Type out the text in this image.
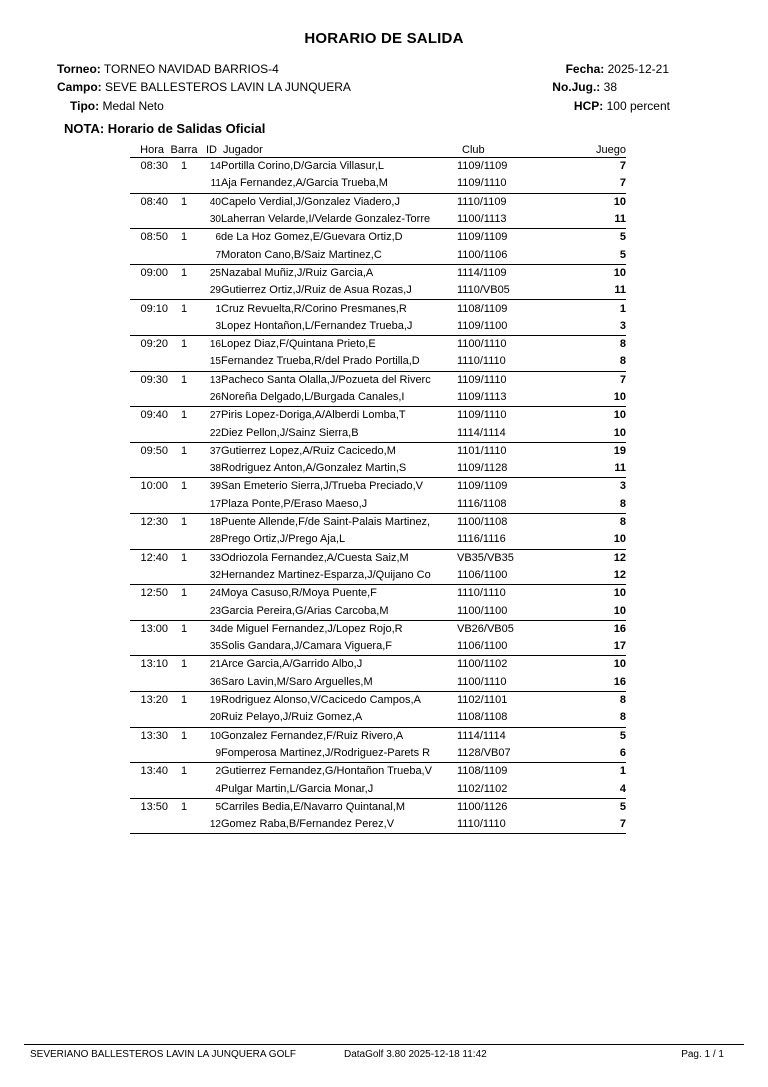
HORARIO DE SALIDA
Torneo: TORNEO NAVIDAD BARRIOS-4
Campo: SEVE BALLESTEROS LAVIN LA JUNQUERA
Tipo: Medal Neto
Fecha: 2025-12-21
No.Jug.: 38
HCP: 100 percent
NOTA: Horario de Salidas Oficial
Hora	Barra	ID	Jugador	Club	Juego
08:30	1	14	Portilla Corino,D/Garcia Villasur,L	1109/1109	7
		11	Aja Fernandez,A/Garcia Trueba,M	1109/1110	7
08:40	1	40	Capelo Verdial,J/Gonzalez Viadero,J	1110/1109	10
		30	Laherran Velarde,I/Velarde Gonzalez-Torre	1100/1113	11
08:50	1	6	de La Hoz Gomez,E/Guevara Ortiz,D	1109/1109	5
		7	Moraton Cano,B/Saiz Martinez,C	1100/1106	5
09:00	1	25	Nazabal Muñiz,J/Ruiz Garcia,A	1114/1109	10
		29	Gutierrez Ortiz,J/Ruiz de Asua Rozas,J	1110/VB05	11
09:10	1	1	Cruz Revuelta,R/Corino Presmanes,R	1108/1109	1
		3	Lopez Hontañon,L/Fernandez Trueba,J	1109/1100	3
09:20	1	16	Lopez Diaz,F/Quintana Prieto,E	1100/1110	8
		15	Fernandez Trueba,R/del Prado Portilla,D	1110/1110	8
09:30	1	13	Pacheco Santa Olalla,J/Pozueta del Riverc	1109/1110	7
		26	Noreña Delgado,L/Burgada Canales,I	1109/1113	10
09:40	1	27	Piris Lopez-Doriga,A/Alberdi Lomba,T	1109/1110	10
		22	Diez Pellon,J/Sainz Sierra,B	1114/1114	10
09:50	1	37	Gutierrez Lopez,A/Ruiz Cacicedo,M	1101/1110	19
		38	Rodriguez Anton,A/Gonzalez Martin,S	1109/1128	11
10:00	1	39	San Emeterio Sierra,J/Trueba Preciado,V	1109/1109	3
		17	Plaza Ponte,P/Eraso Maeso,J	1116/1108	8
12:30	1	18	Puente Allende,F/de Saint-Palais Martinez,	1100/1108	8
		28	Prego Ortiz,J/Prego Aja,L	1116/1116	10
12:40	1	33	Odriozola Fernandez,A/Cuesta Saiz,M	VB35/VB35	12
		32	Hernandez Martinez-Esparza,J/Quijano Co	1106/1100	12
12:50	1	24	Moya Casuso,R/Moya Puente,F	1110/1110	10
		23	Garcia Pereira,G/Arias Carcoba,M	1100/1100	10
13:00	1	34	de Miguel Fernandez,J/Lopez Rojo,R	VB26/VB05	16
		35	Solis Gandara,J/Camara Viguera,F	1106/1100	17
13:10	1	21	Arce Garcia,A/Garrido Albo,J	1100/1102	10
		36	Saro Lavin,M/Saro Arguelles,M	1100/1110	16
13:20	1	19	Rodriguez Alonso,V/Cacicedo Campos,A	1102/1101	8
		20	Ruiz Pelayo,J/Ruiz Gomez,A	1108/1108	8
13:30	1	10	Gonzalez Fernandez,F/Ruiz Rivero,A	1114/1114	5
		9	Fomperosa Martinez,J/Rodriguez-Parets R	1128/VB07	6
13:40	1	2	Gutierrez Fernandez,G/Hontañon Trueba,V	1108/1109	1
		4	Pulgar Martin,L/Garcia Monar,J	1102/1102	4
13:50	1	5	Carriles Bedia,E/Navarro Quintanal,M	1100/1126	5
		12	Gomez Raba,B/Fernandez Perez,V	1110/1110	7
SEVERIANO BALLESTEROS LAVIN LA JUNQUERA GOLF	DataGolf 3.80 2025-12-18 11:42	Pag. 1 / 1
